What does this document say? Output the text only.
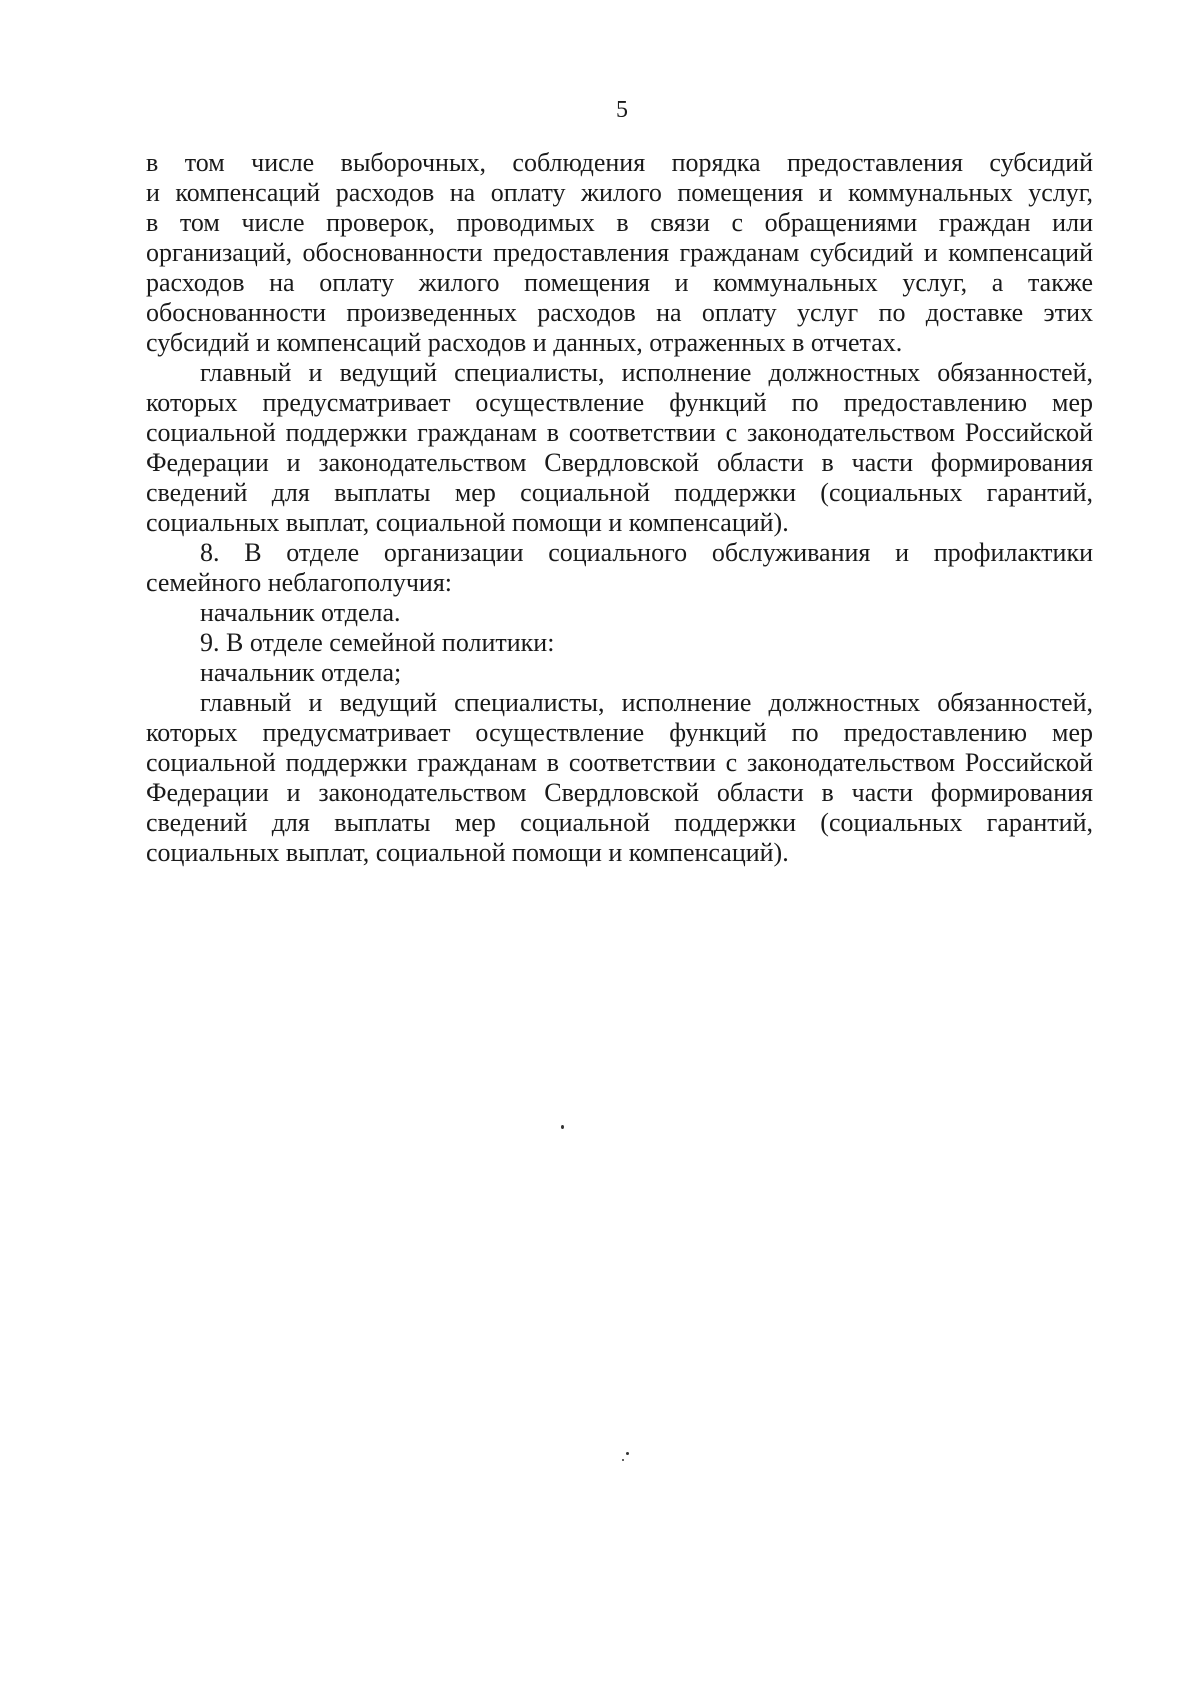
5
в том числе выборочных, соблюдения порядка предоставления субсидий
и компенсаций расходов на оплату жилого помещения и коммунальных услуг,
в том числе проверок, проводимых в связи с обращениями граждан или
организаций, обоснованности предоставления гражданам субсидий и компенсаций
расходов на оплату жилого помещения и коммунальных услуг, а также
обоснованности произведенных расходов на оплату услуг по доставке этих
субсидий и компенсаций расходов и данных, отраженных в отчетах.
главный и ведущий специалисты, исполнение должностных обязанностей,
которых предусматривает осуществление функций по предоставлению мер
социальной поддержки гражданам в соответствии с законодательством Российской
Федерации и законодательством Свердловской области в части формирования
сведений для выплаты мер социальной поддержки (социальных гарантий,
социальных выплат, социальной помощи и компенсаций).
8. В отделе организации социального обслуживания и профилактики
семейного неблагополучия:
начальник отдела.
9. В отделе семейной политики:
начальник отдела;
главный и ведущий специалисты, исполнение должностных обязанностей,
которых предусматривает осуществление функций по предоставлению мер
социальной поддержки гражданам в соответствии с законодательством Российской
Федерации и законодательством Свердловской области в части формирования
сведений для выплаты мер социальной поддержки (социальных гарантий,
социальных выплат, социальной помощи и компенсаций).
